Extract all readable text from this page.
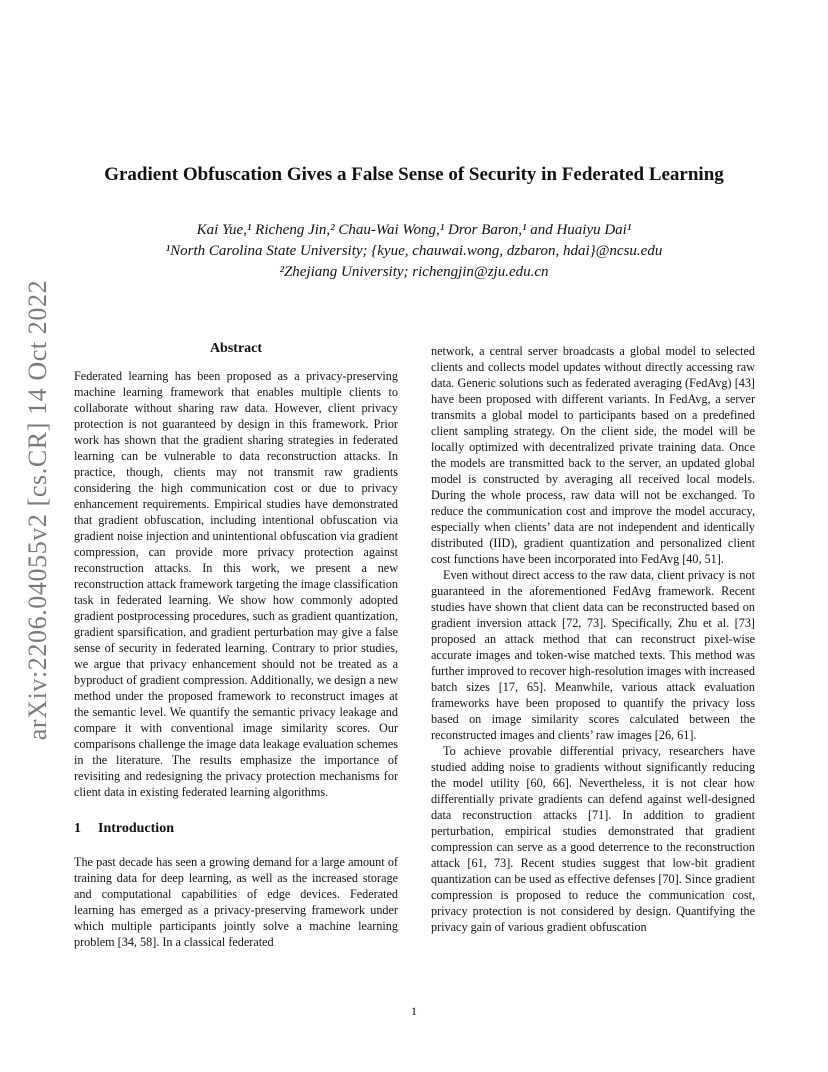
arXiv:2206.04055v2 [cs.CR] 14 Oct 2022
Gradient Obfuscation Gives a False Sense of Security in Federated Learning
Kai Yue,¹ Richeng Jin,² Chau-Wai Wong,¹ Dror Baron,¹ and Huaiyu Dai¹
¹North Carolina State University; {kyue, chauwai.wong, dzbaron, hdai}@ncsu.edu
²Zhejiang University; richengjin@zju.edu.cn
Abstract

Federated learning has been proposed as a privacy-preserving machine learning framework that enables multiple clients to collaborate without sharing raw data. However, client privacy protection is not guaranteed by design in this framework. Prior work has shown that the gradient sharing strategies in federated learning can be vulnerable to data reconstruction attacks. In practice, though, clients may not transmit raw gradients considering the high communication cost or due to privacy enhancement requirements. Empirical studies have demonstrated that gradient obfuscation, including intentional obfuscation via gradient noise injection and unintentional obfuscation via gradient compression, can provide more privacy protection against reconstruction attacks. In this work, we present a new reconstruction attack framework targeting the image classification task in federated learning. We show how commonly adopted gradient postprocessing procedures, such as gradient quantization, gradient sparsification, and gradient perturbation may give a false sense of security in federated learning. Contrary to prior studies, we argue that privacy enhancement should not be treated as a byproduct of gradient compression. Additionally, we design a new method under the proposed framework to reconstruct images at the semantic level. We quantify the semantic privacy leakage and compare it with conventional image similarity scores. Our comparisons challenge the image data leakage evaluation schemes in the literature. The results emphasize the importance of revisiting and redesigning the privacy protection mechanisms for client data in existing federated learning algorithms.

1 Introduction

The past decade has seen a growing demand for a large amount of training data for deep learning, as well as the increased storage and computational capabilities of edge devices. Federated learning has emerged as a privacy-preserving framework under which multiple participants jointly solve a machine learning problem [34, 58]. In a classical federated

network, a central server broadcasts a global model to selected clients and collects model updates without directly accessing raw data. Generic solutions such as federated averaging (FedAvg) [43] have been proposed with different variants. In FedAvg, a server transmits a global model to participants based on a predefined client sampling strategy. On the client side, the model will be locally optimized with decentralized private training data. Once the models are transmitted back to the server, an updated global model is constructed by averaging all received local models. During the whole process, raw data will not be exchanged. To reduce the communication cost and improve the model accuracy, especially when clients’ data are not independent and identically distributed (IID), gradient quantization and personalized client cost functions have been incorporated into FedAvg [40, 51].

Even without direct access to the raw data, client privacy is not guaranteed in the aforementioned FedAvg framework. Recent studies have shown that client data can be reconstructed based on gradient inversion attack [72, 73]. Specifically, Zhu et al. [73] proposed an attack method that can reconstruct pixel-wise accurate images and token-wise matched texts. This method was further improved to recover high-resolution images with increased batch sizes [17, 65]. Meanwhile, various attack evaluation frameworks have been proposed to quantify the privacy loss based on image similarity scores calculated between the reconstructed images and clients’ raw images [26, 61].

To achieve provable differential privacy, researchers have studied adding noise to gradients without significantly reducing the model utility [60, 66]. Nevertheless, it is not clear how differentially private gradients can defend against well-designed data reconstruction attacks [71]. In addition to gradient perturbation, empirical studies demonstrated that gradient compression can serve as a good deterrence to the reconstruction attack [61, 73]. Recent studies suggest that low-bit gradient quantization can be used as effective defenses [70]. Since gradient compression is proposed to reduce the communication cost, privacy protection is not considered by design. Quantifying the privacy gain of various gradient obfuscation

1
